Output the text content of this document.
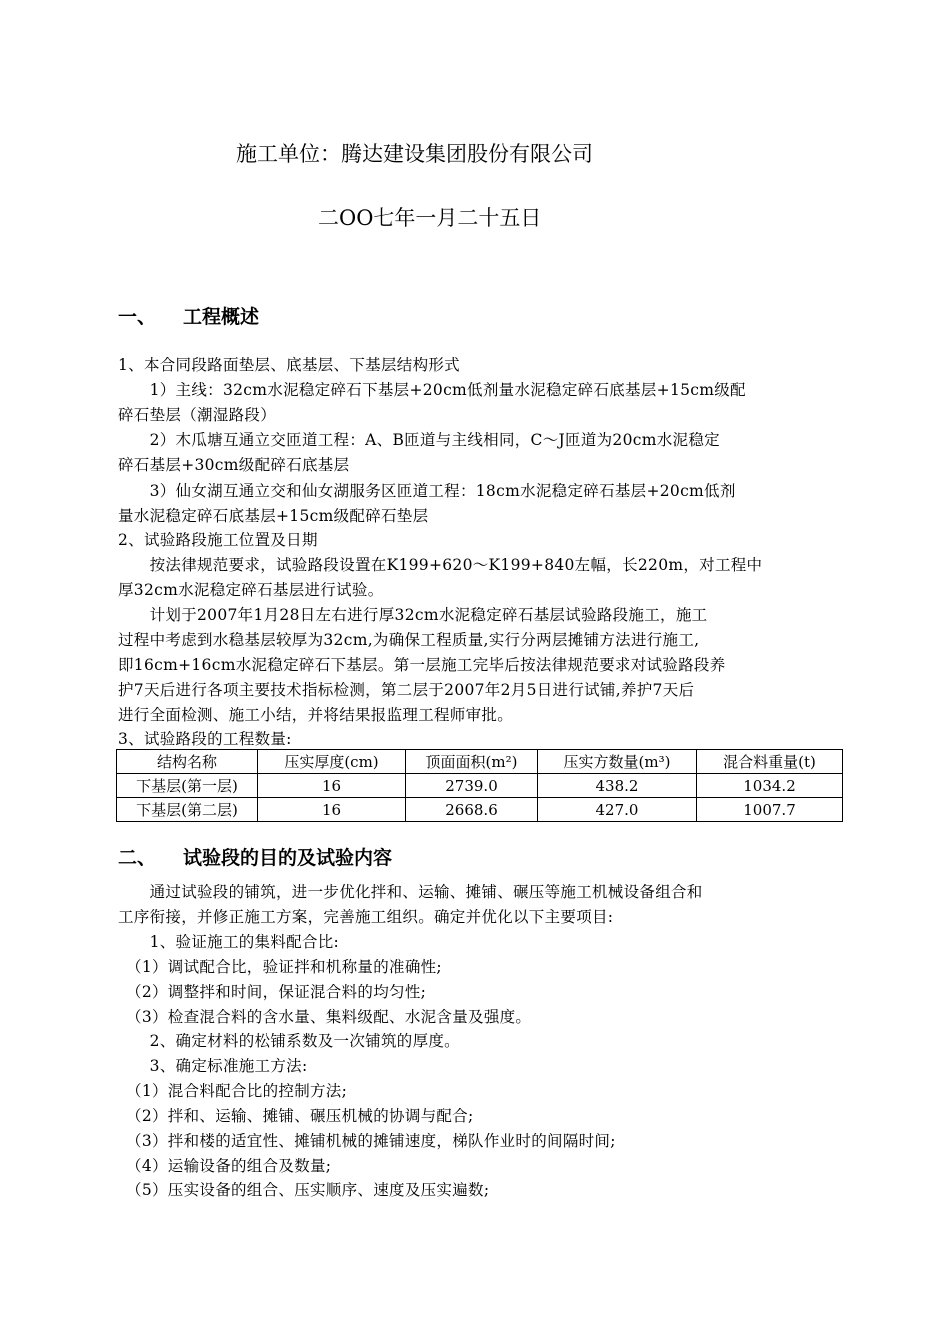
施工单位：腾达建设集团股份有限公司
二OO七年一月二十五日
一、 工程概述
1、本合同段路面垫层、底基层、下基层结构形式
　　1）主线：32cm水泥稳定碎石下基层+20cm低剂量水泥稳定碎石底基层+15cm级配
碎石垫层（潮湿路段）
　　2）木瓜塘互通立交匝道工程：A、B匝道与主线相同，C～J匝道为20cm水泥稳定
碎石基层+30cm级配碎石底基层
　　3）仙女湖互通立交和仙女湖服务区匝道工程：18cm水泥稳定碎石基层+20cm低剂
量水泥稳定碎石底基层+15cm级配碎石垫层
2、试验路段施工位置及日期
　　按法律规范要求，试验路段设置在K199+620～K199+840左幅，长220m，对工程中
厚32cm水泥稳定碎石基层进行试验。
　　计划于2007年1月28日左右进行厚32cm水泥稳定碎石基层试验路段施工，施工
过程中考虑到水稳基层较厚为32cm,为确保工程质量,实行分两层摊铺方法进行施工,
即16cm+16cm水泥稳定碎石下基层。第一层施工完毕后按法律规范要求对试验路段养
护7天后进行各项主要技术指标检测，第二层于2007年2月5日进行试铺,养护7天后
进行全面检测、施工小结，并将结果报监理工程师审批。
3、试验路段的工程数量:
结构名称	压实厚度(cm)	顶面面积(m²)	压实方数量(m³)	混合料重量(t)
下基层(第一层)	16	2739.0	438.2	1034.2
下基层(第二层)	16	2668.6	427.0	1007.7
二、 试验段的目的及试验内容
　　通过试验段的铺筑，进一步优化拌和、运输、摊铺、碾压等施工机械设备组合和
工序衔接，并修正施工方案，完善施工组织。确定并优化以下主要项目:
　　1、验证施工的集料配合比:
　（1）调试配合比，验证拌和机称量的准确性;
　（2）调整拌和时间，保证混合料的均匀性;
　（3）检查混合料的含水量、集料级配、水泥含量及强度。
　　2、确定材料的松铺系数及一次铺筑的厚度。
　　3、确定标准施工方法:
　（1）混合料配合比的控制方法;
　（2）拌和、运输、摊铺、碾压机械的协调与配合;
　（3）拌和楼的适宜性、摊铺机械的摊铺速度，梯队作业时的间隔时间;
　（4）运输设备的组合及数量;
　（5）压实设备的组合、压实顺序、速度及压实遍数;
